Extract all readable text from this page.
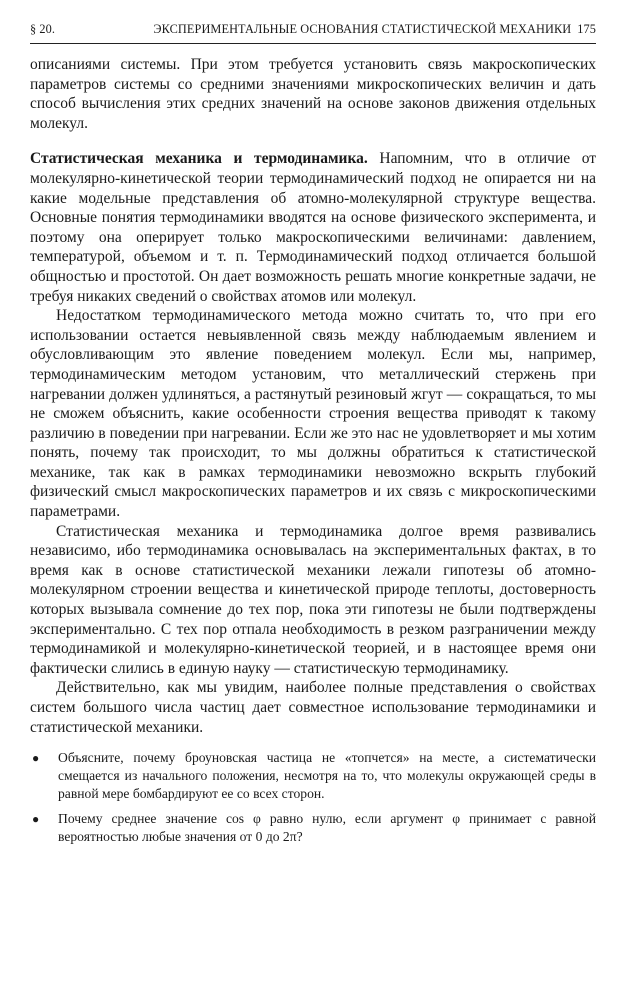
§ 20.	ЭКСПЕРИМЕНТАЛЬНЫЕ ОСНОВАНИЯ СТАТИСТИЧЕСКОЙ МЕХАНИКИ 175

описаниями системы. При этом требуется установить связь макроскопических параметров системы со средними значениями микроскопических величин и дать способ вычисления этих средних значений на основе законов движения отдельных молекул.

Статистическая механика и термодинамика. Напомним, что в отличие от молекулярно-кинетической теории термодинамический подход не опирается ни на какие модельные представления об атомно-молекулярной структуре вещества. Основные понятия термодинамики вводятся на основе физического эксперимента, и поэтому она оперирует только макроскопическими величинами: давлением, температурой, объемом и т. п. Термодинамический подход отличается большой общностью и простотой. Он дает возможность решать многие конкретные задачи, не требуя никаких сведений о свойствах атомов или молекул.

Недостатком термодинамического метода можно считать то, что при его использовании остается невыявленной связь между наблюдаемым явлением и обусловливающим это явление поведением молекул. Если мы, например, термодинамическим методом установим, что металлический стержень при нагревании должен удлиняться, а растянутый резиновый жгут — сокращаться, то мы не сможем объяснить, какие особенности строения вещества приводят к такому различию в поведении при нагревании. Если же это нас не удовлетворяет и мы хотим понять, почему так происходит, то мы должны обратиться к статистической механике, так как в рамках термодинамики невозможно вскрыть глубокий физический смысл макроскопических параметров и их связь с микроскопическими параметрами.

Статистическая механика и термодинамика долгое время развивались независимо, ибо термодинамика основывалась на экспериментальных фактах, в то время как в основе статистической механики лежали гипотезы об атомно-молекулярном строении вещества и кинетической природе теплоты, достоверность которых вызывала сомнение до тех пор, пока эти гипотезы не были подтверждены экспериментально. С тех пор отпала необходимость в резком разграничении между термодинамикой и молекулярно-кинетической теорией, и в настоящее время они фактически слились в единую науку — статистическую термодинамику.

Действительно, как мы увидим, наиболее полные представления о свойствах систем большого числа частиц дает совместное использование термодинамики и статистической механики.

●	Объясните, почему броуновская частица не «топчется» на месте, а систематически смещается из начального положения, несмотря на то, что молекулы окружающей среды в равной мере бомбардируют ее со всех сторон.
●	Почему среднее значение cos φ равно нулю, если аргумент φ принимает с равной вероятностью любые значения от 0 до 2π?
